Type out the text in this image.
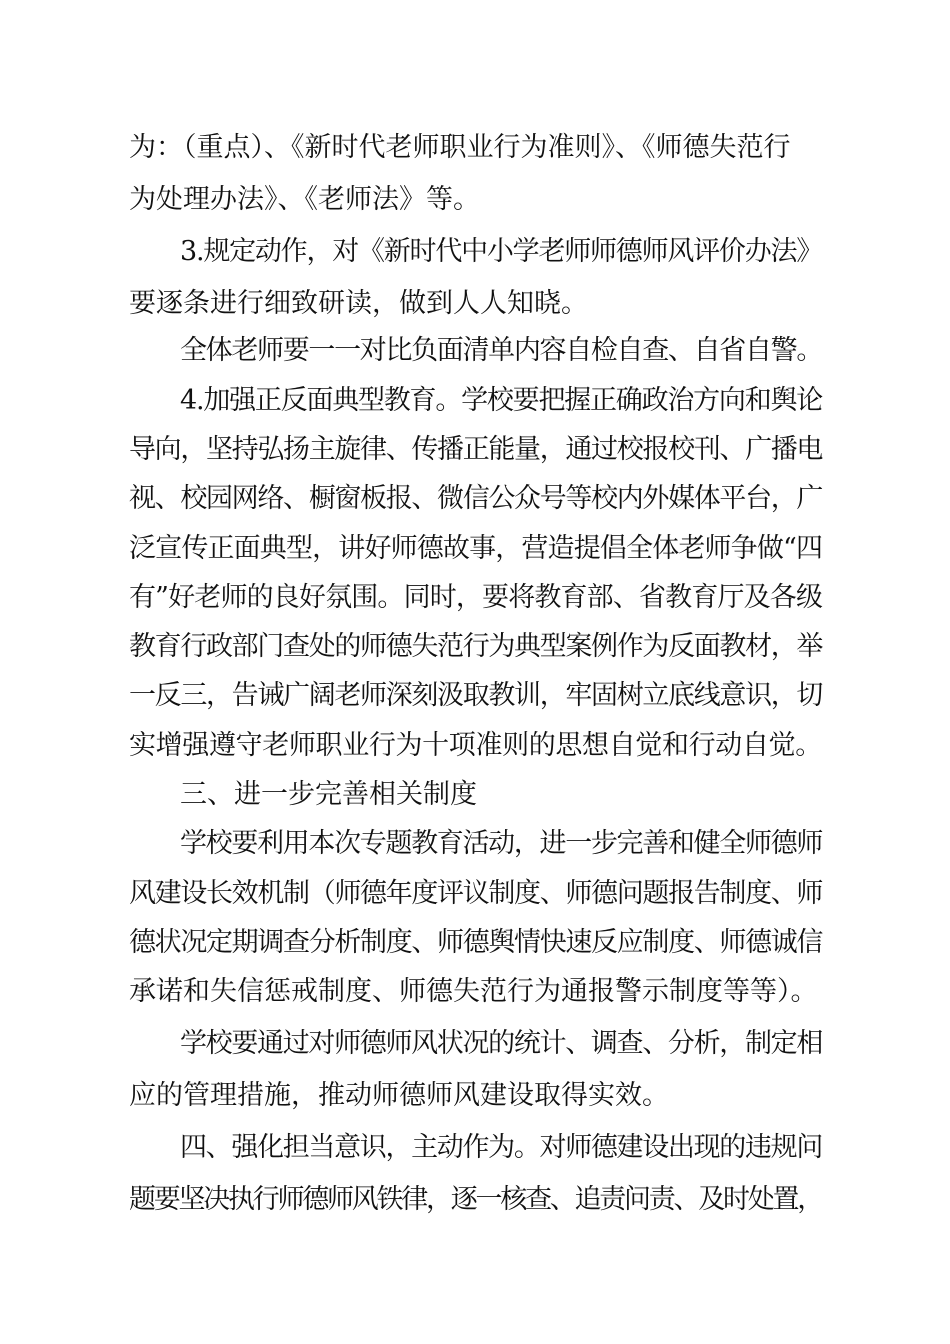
为：（重点）、《新时代老师职业行为准则》、《师德失范行
为处理办法》、《老师法》等。
3.规定动作，对《新时代中小学老师师德师风评价办法》
要逐条进行细致研读，做到人人知晓。
全体老师要一一对比负面清单内容自检自查、自省自警。
4.加强正反面典型教育。学校要把握正确政治方向和舆论
导向，坚持弘扬主旋律、传播正能量，通过校报校刊、广播电
视、校园网络、橱窗板报、微信公众号等校内外媒体平台，广
泛宣传正面典型，讲好师德故事，营造提倡全体老师争做“四
有”好老师的良好氛围。同时，要将教育部、省教育厅及各级
教育行政部门查处的师德失范行为典型案例作为反面教材，举
一反三，告诫广阔老师深刻汲取教训，牢固树立底线意识，切
实增强遵守老师职业行为十项准则的思想自觉和行动自觉。
三、进一步完善相关制度
学校要利用本次专题教育活动，进一步完善和健全师德师
风建设长效机制（师德年度评议制度、师德问题报告制度、师
德状况定期调查分析制度、师德舆情快速反应制度、师德诚信
承诺和失信惩戒制度、师德失范行为通报警示制度等等）。
学校要通过对师德师风状况的统计、调查、分析，制定相
应的管理措施，推动师德师风建设取得实效。
四、强化担当意识，主动作为。对师德建设出现的违规问
题要坚决执行师德师风铁律，逐一核查、追责问责、及时处置，
